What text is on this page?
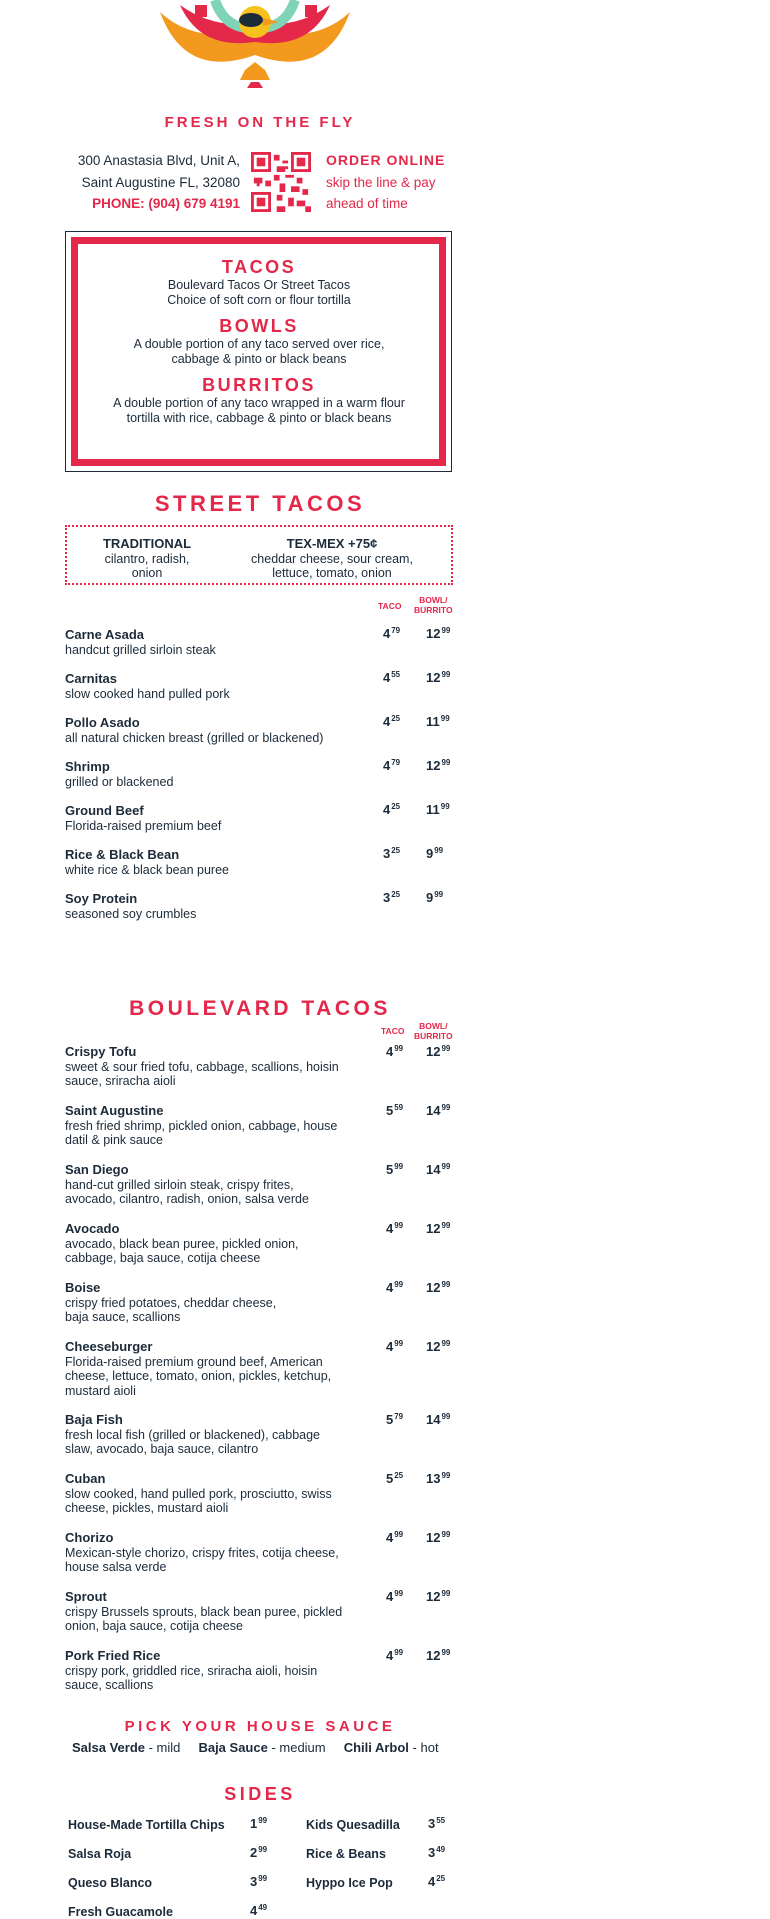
FRESH ON THE FLY
300 Anastasia Blvd, Unit A,
Saint Augustine FL, 32080
PHONE: (904) 679 4191
ORDER ONLINE
skip the line & pay
ahead of time
TACOS
Boulevard Tacos Or Street Tacos
Choice of soft corn or flour tortilla
BOWLS
A double portion of any taco served over rice,
cabbage & pinto or black beans
BURRITOS
A double portion of any taco wrapped in a warm flour
tortilla with rice, cabbage & pinto or black beans
STREET TACOS
TRADITIONAL
cilantro, radish,
onion
TEX-MEX +75¢
cheddar cheese, sour cream,
lettuce, tomato, onion
TACO
BOWL/
BURRITO
Carne Asada
handcut grilled sirloin steak
$4^{79}$ $12^{99}$
Carnitas
slow cooked hand pulled pork
$4^{55}$ $12^{99}$
Pollo Asado
all natural chicken breast (grilled or blackened)
$4^{25}$ $11^{99}$
Shrimp
grilled or blackened
$4^{79}$ $12^{99}$
Ground Beef
Florida-raised premium beef
$4^{25}$ $11^{99}$
Rice & Black Bean
white rice & black bean puree
$3^{25}$ $9^{99}$
Soy Protein
seasoned soy crumbles
$3^{25}$ $9^{99}$
BOULEVARD TACOS
TACO	BOWL/
BURRITO
Crispy Tofu
sweet & sour fried tofu, cabbage, scallions, hoisin
sauce, sriracha aioli
$4^{99}$ $12^{99}$
Saint Augustine
fresh fried shrimp, pickled onion, cabbage, house
datil & pink sauce
$5^{59}$ $14^{99}$
San Diego
hand-cut grilled sirloin steak, crispy frites,
avocado, cilantro, radish, onion, salsa verde
$5^{99}$ $14^{99}$
Avocado
avocado, black bean puree, pickled onion,
cabbage, baja sauce, cotija cheese
$4^{99}$ $12^{99}$
Boise
crispy fried potatoes, cheddar cheese,
baja sauce, scallions
$4^{99}$ $12^{99}$
Cheeseburger
Florida-raised premium ground beef, American
cheese, lettuce, tomato, onion, pickles, ketchup,
mustard aioli
$4^{99}$ $12^{99}$
Baja Fish
fresh local fish (grilled or blackened), cabbage
slaw, avocado, baja sauce, cilantro
$5^{79}$ $14^{99}$
Cuban
slow cooked, hand pulled pork, prosciutto, swiss
cheese, pickles, mustard aioli
$5^{25}$ $13^{99}$
Chorizo
Mexican-style chorizo, crispy frites, cotija cheese,
house salsa verde
$4^{99}$ $12^{99}$
Sprout
crispy Brussels sprouts, black bean puree, pickled
onion, baja sauce, cotija cheese
$4^{99}$ $12^{99}$
Pork Fried Rice
crispy pork, griddled rice, sriracha aioli, hoisin
sauce, scallions
$4^{99}$ $12^{99}$
PICK YOUR HOUSE SAUCE
Salsa Verde - mild Baja Sauce - medium Chili Arbol - hot
SIDES
House-Made Tortilla Chips $1^{99}$
Salsa Roja	$2^{99}$
Queso Blanco	$3^{99}$
Fresh Guacamole	$4^{49}$
Kids Quesadilla $3^{55}$
Rice & Beans	$3^{49}$
Hyppo Ice Pop	$4^{25}$
